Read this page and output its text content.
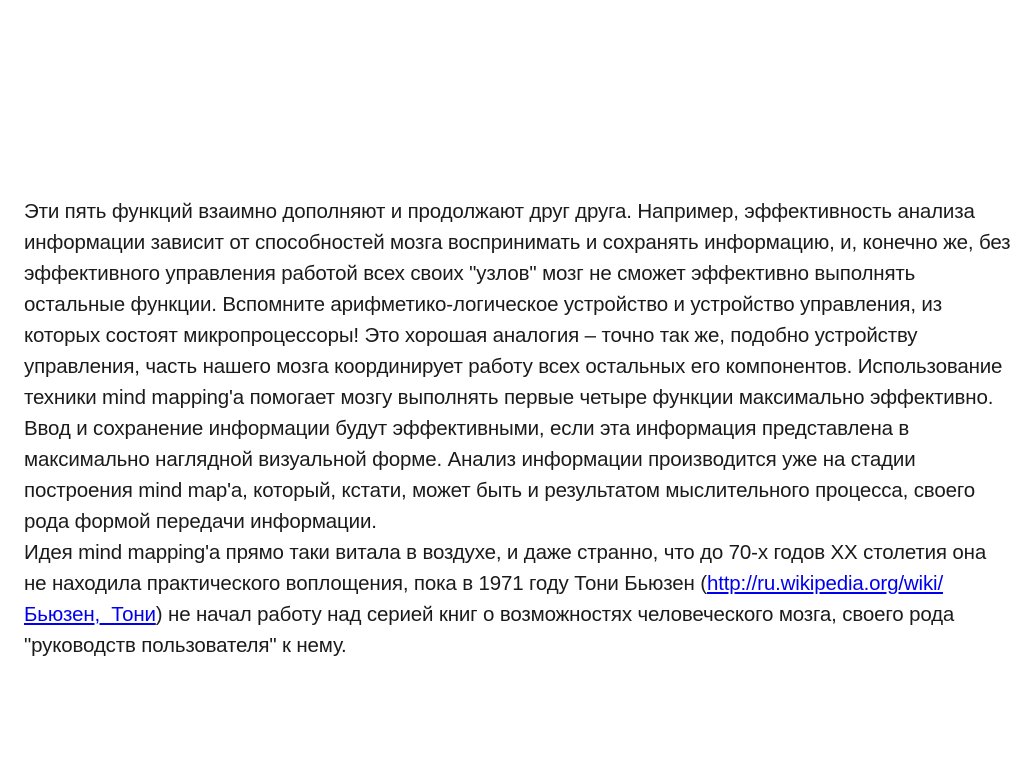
Эти пять функций взаимно дополняют и продолжают друг друга. Например, эффективность анализа информации зависит от способностей мозга воспринимать и сохранять информацию, и, конечно же, без эффективного управления работой всех своих "узлов" мозг не сможет эффективно выполнять остальные функции. Вспомните арифметико-логическое устройство и устройство управления, из которых состоят микропроцессоры! Это хорошая аналогия – точно так же, подобно устройству управления, часть нашего мозга координирует работу всех остальных его компонентов. Использование техники mind mapping'а помогает мозгу выполнять первые четыре функции максимально эффективно. Ввод и сохранение информации будут эффективными, если эта информация представлена в максимально наглядной визуальной форме. Анализ информации производится уже на стадии построения mind map'а, который, кстати, может быть и результатом мыслительного процесса, своего рода формой передачи информации.

Идея mind mapping'а прямо таки витала в воздухе, и даже странно, что до 70-х годов XX столетия она не находила практического воплощения, пока в 1971 году Тони Бьюзен (http://ru.wikipedia.org/wiki/Бьюзен,_Тони) не начал работу над серией книг о возможностях человеческого мозга, своего рода "руководств пользователя" к нему.
